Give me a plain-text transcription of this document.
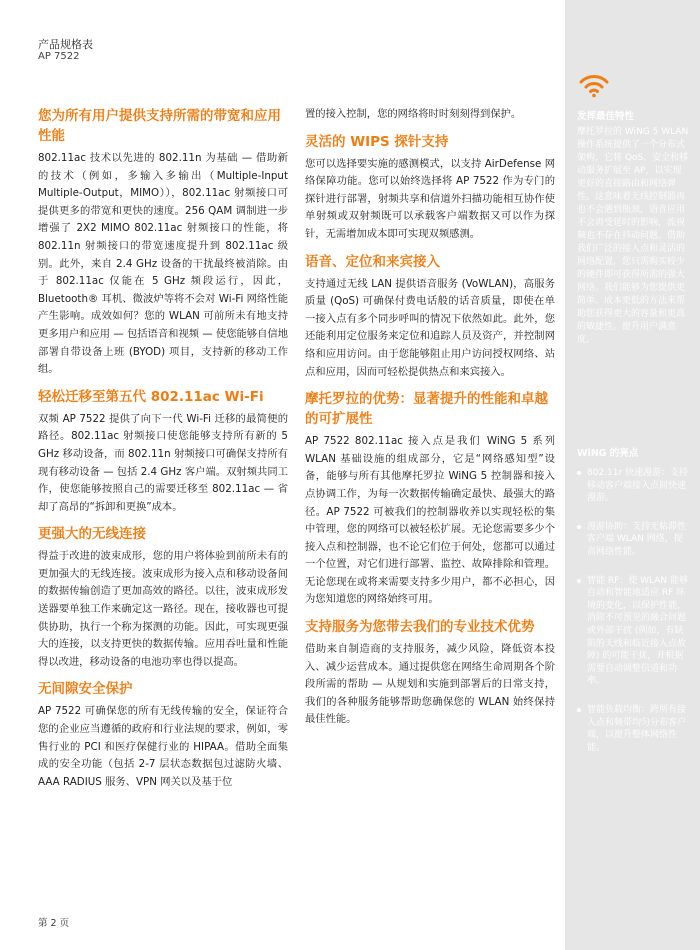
产品规格表
AP 7522
您为所有用户提供支持所需的带宽和应用性能

802.11ac 技术以先进的 802.11n 为基础 — 借助新的技术（例如，多输入多输出（Multiple-Input Multiple-Output，MIMO）），802.11ac 射频接口可提供更多的带宽和更快的速度。256 QAM 调制进一步增强了 2X2 MIMO 802.11ac 射频接口的性能，将 802.11n 射频接口的带宽速度提升到 802.11ac 级别。此外，来自 2.4 GHz 设备的干扰最终被消除。由于 802.11ac 仅能在 5 GHz 频段运行，因此，Bluetooth® 耳机、微波炉等将不会对 Wi-Fi 网络性能产生影响。成效如何？您的 WLAN 可前所未有地支持更多用户和应用 — 包括语音和视频 — 使您能够自信地部署自带设备上班 (BYOD) 项目，支持新的移动工作组。

轻松迁移至第五代 802.11ac Wi-Fi

双频 AP 7522 提供了向下一代 Wi-Fi 迁移的最简便的路径。802.11ac 射频接口使您能够支持所有新的 5 GHz 移动设备，而 802.11n 射频接口可确保支持所有现有移动设备 — 包括 2.4 GHz 客户端。双射频共同工作，使您能够按照自己的需要迁移至 802.11ac — 省却了高昂的“拆卸和更换”成本。

更强大的无线连接

得益于改进的波束成形，您的用户将体验到前所未有的更加强大的无线连接。波束成形为接入点和移动设备间的数据传输创造了更加高效的路径。以往，波束成形发送器要单独工作来确定这一路径。现在，接收器也可提供协助，执行一个称为探测的功能。因此，可实现更强大的连接，以支持更快的数据传输。应用吞吐量和性能得以改进，移动设备的电池功率也得以提高。

无间隙安全保护

AP 7522 可确保您的所有无线传输的安全，保证符合您的企业应当遵循的政府和行业法规的要求，例如，零售行业的 PCI 和医疗保健行业的 HIPAA。借助全面集成的安全功能（包括 2-7 层状态数据包过滤防火墙、AAA RADIUS 服务、VPN 网关以及基于位

置的接入控制，您的网络将时时刻刻得到保护。

灵活的 WIPS 探针支持

您可以选择要实施的感测模式，以支持 AirDefense 网络保障功能。您可以始终选择将 AP 7522 作为专门的探针进行部署，射频共享和信道外扫描功能相互协作使单射频或双射频既可以承载客户端数据又可以作为探针，无需增加成本即可实现双频感测。

语音、定位和来宾接入

支持通过无线 LAN 提供语音服务 (VoWLAN)，高服务质量 (QoS) 可确保付费电话般的话音质量，即使在单一接入点有多个同步呼叫的情况下依然如此。此外，您还能利用定位服务来定位和追踪人员及资产，并控制网络和应用访问。由于您能够阻止用户访问授权网络、站点和应用，因而可轻松提供热点和来宾接入。

摩托罗拉的优势：显著提升的性能和卓越的可扩展性

AP 7522 802.11ac 接入点是我们 WiNG 5 系列 WLAN 基础设施的组成部分，它是“网络感知型”设备，能够与所有其他摩托罗拉 WiNG 5 控制器和接入点协调工作，为每一次数据传输确定最快、最强大的路径。AP 7522 可被我们的控制器收养以实现轻松的集中管理，您的网络可以被轻松扩展。无论您需要多少个接入点和控制器，也不论它们位于何处，您都可以通过一个位置，对它们进行部署、监控、故障排除和管理。无论您现在或将来需要支持多少用户，都不必担心，因为您知道您的网络始终可用。

支持服务为您带去我们的专业技术优势

借助来自制造商的支持服务，减少风险，降低资本投入、减少运营成本。通过提供您在网络生命周期各个阶段所需的帮助 — 从规划和实施到部署后的日常支持，我们的各种服务能够帮助您确保您的 WLAN 始终保持最佳性能。

发挥最佳特性

摩托罗拉的 WiNG 5 WLAN 操作系统提供了一个分布式架构，它将 QoS、安全和移动服务扩展至 AP，以实现更好的直接路由和网络弹性。这意味着无线控制器再也不会遇到瓶颈，语音应用不会再受延时的影响，流视频也不存在抖动问题。借助我们广泛的接入点和灵活的网络配置，您只需购买较少的硬件即可获得所需的强大网络。我们能够为您提供更简单、成本更低的方法来帮助您获得更大的容量和更高的敏捷性。提升用户满意度。

WiNG 的亮点

802.11r 快速漫游：支持移动客户端接入点间快速漫游。
漫游协助：支持无粘滞性客户端 WLAN 网络，提高网络性能。
智能 RF：使 WLAN 能够自动和智能地适应 RF 环境的变化，以保护性能，消除不可预见的融合问题或外部干扰 (例如，有缺陷的天线和临近接入点故障) 的可能干扰，并根据需要自动调整信道和功率。
智能负载均衡：跨所有接入点和频带均匀分布客户端，以提升整体网络性能。
第 2 页
